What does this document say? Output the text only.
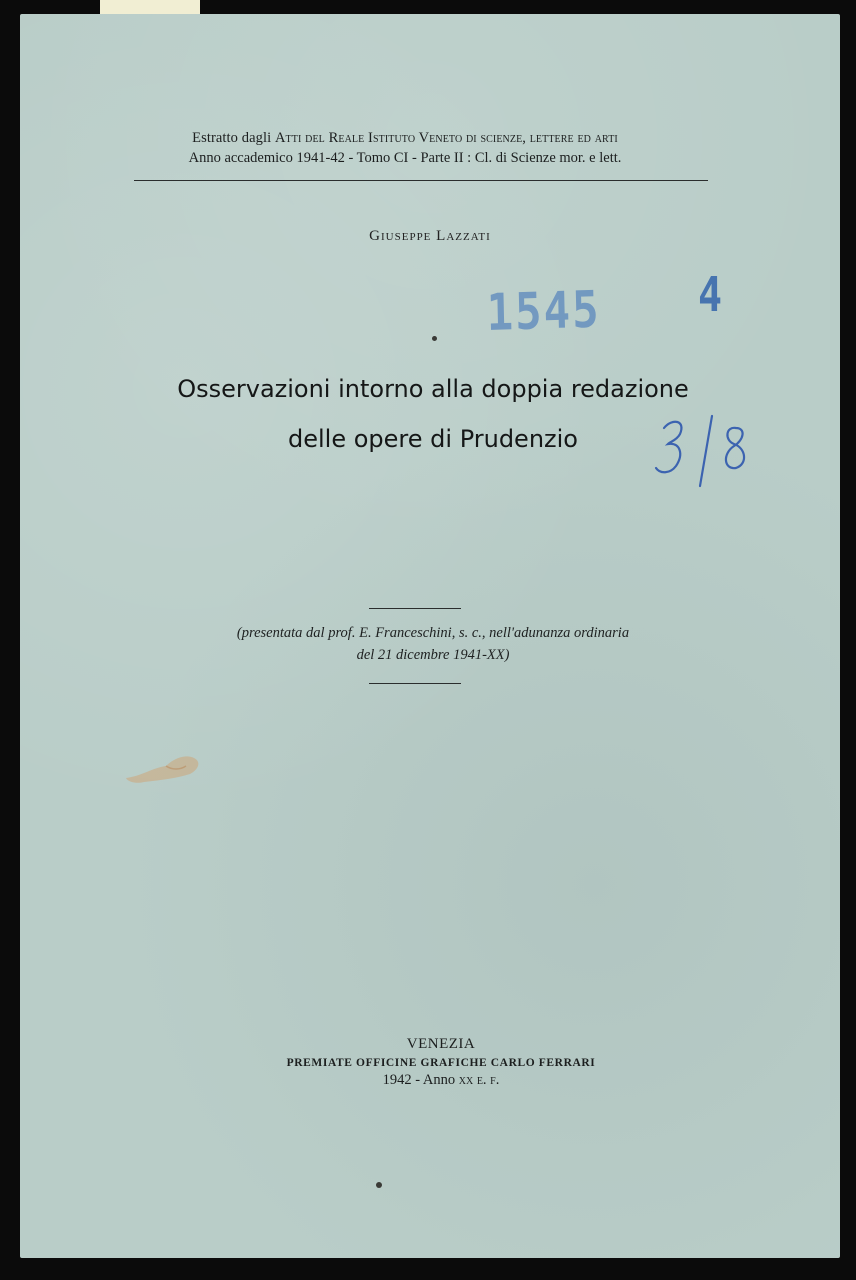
Estratto dagli Atti del Reale Istituto Veneto di scienze, lettere ed arti
Anno accademico 1941-42 - Tomo CI - Parte II : Cl. di Scienze mor. e lett.
Giuseppe Lazzati
1545 4
Osservazioni intorno alla doppia redazione
delle opere di Prudenzio
(presentata dal prof. E. Franceschini, s. c., nell'adunanza ordinaria
del 21 dicembre 1941-XX)
VENEZIA
PREMIATE OFFICINE GRAFICHE CARLO FERRARI
1942 - Anno xx e. f.
